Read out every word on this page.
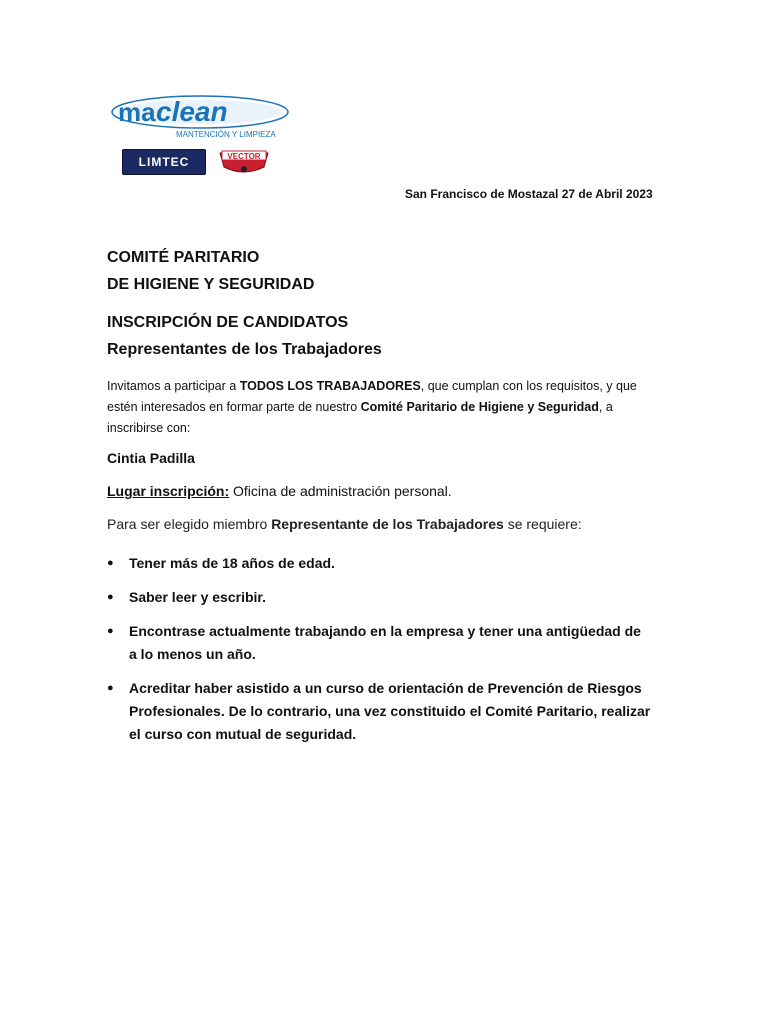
ma clean
MANTENCIÓN Y LIMPIEZA
LIMTEC	VECTOR
San Francisco de Mostazal 27 de Abril 2023
COMITÉ PARITARIO
DE HIGIENE Y SEGURIDAD
INSCRIPCIÓN DE CANDIDATOS
Representantes de los Trabajadores
Invitamos a participar a TODOS LOS TRABAJADORES, que cumplan con los requisitos, y que estén interesados en formar parte de nuestro Comité Paritario de Higiene y Seguridad, a inscribirse con:
Cintia Padilla
Lugar inscripción: Oficina de administración personal.
Para ser elegido miembro Representante de los Trabajadores se requiere:
● Tener más de 18 años de edad.
● Saber leer y escribir.
● Encontrase actualmente trabajando en la empresa y tener una antigüedad de a lo menos un año.
● Acreditar haber asistido a un curso de orientación de Prevención de Riesgos Profesionales. De lo contrario, una vez constituido el Comité Paritario, realizar el curso con mutual de seguridad.
